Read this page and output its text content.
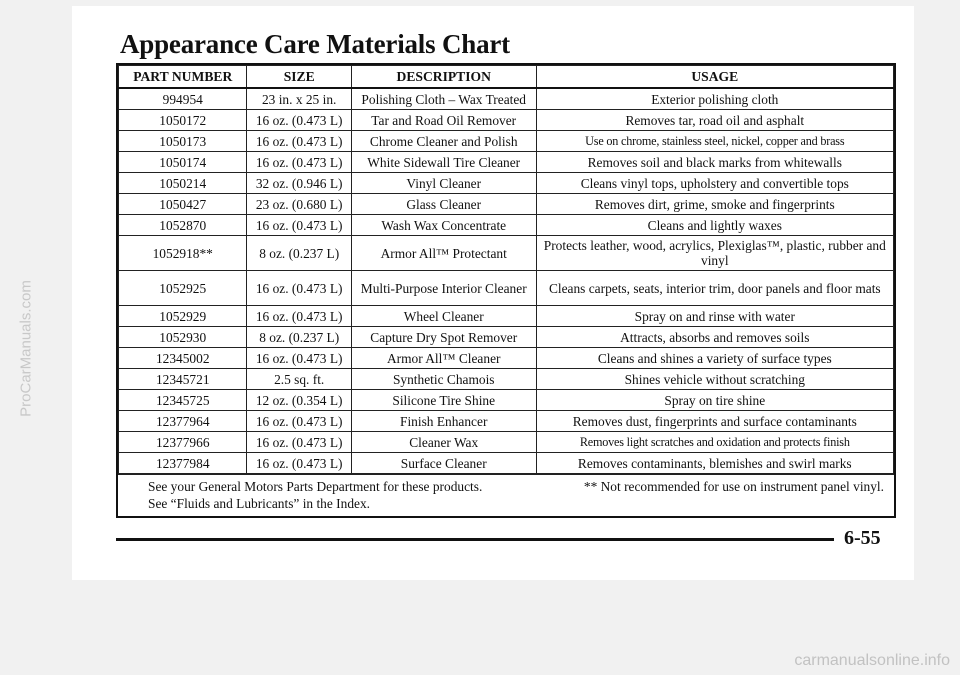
ProCarManuals.com
Appearance Care Materials Chart
PART NUMBER	SIZE	DESCRIPTION	USAGE
994954	23 in. x 25 in.	Polishing Cloth – Wax Treated	Exterior polishing cloth
1050172	16 oz. (0.473 L)	Tar and Road Oil Remover	Removes tar, road oil and asphalt
1050173	16 oz. (0.473 L)	Chrome Cleaner and Polish	Use on chrome, stainless steel, nickel, copper and brass
1050174	16 oz. (0.473 L)	White Sidewall Tire Cleaner	Removes soil and black marks from whitewalls
1050214	32 oz. (0.946 L)	Vinyl Cleaner	Cleans vinyl tops, upholstery and convertible tops
1050427	23 oz. (0.680 L)	Glass Cleaner	Removes dirt, grime, smoke and fingerprints
1052870	16 oz. (0.473 L)	Wash Wax Concentrate	Cleans and lightly waxes
1052918**	8 oz. (0.237 L)	Armor All™ Protectant	Protects leather, wood, acrylics, Plexiglas™, plastic, rubber and vinyl
1052925	16 oz. (0.473 L)	Multi-Purpose Interior Cleaner	Cleans carpets, seats, interior trim, door panels and floor mats
1052929	16 oz. (0.473 L)	Wheel Cleaner	Spray on and rinse with water
1052930	8 oz. (0.237 L)	Capture Dry Spot Remover	Attracts, absorbs and removes soils
12345002	16 oz. (0.473 L)	Armor All™ Cleaner	Cleans and shines a variety of surface types
12345721	2.5 sq. ft.	Synthetic Chamois	Shines vehicle without scratching
12345725	12 oz. (0.354 L)	Silicone Tire Shine	Spray on tire shine
12377964	16 oz. (0.473 L)	Finish Enhancer	Removes dust, fingerprints and surface contaminants
12377966	16 oz. (0.473 L)	Cleaner Wax	Removes light scratches and oxidation and protects finish
12377984	16 oz. (0.473 L)	Surface Cleaner	Removes contaminants, blemishes and swirl marks
See your General Motors Parts Department for these products.
See “Fluids and Lubricants” in the Index.
** Not recommended for use on instrument panel vinyl.
6-55
carmanualsonline.info
